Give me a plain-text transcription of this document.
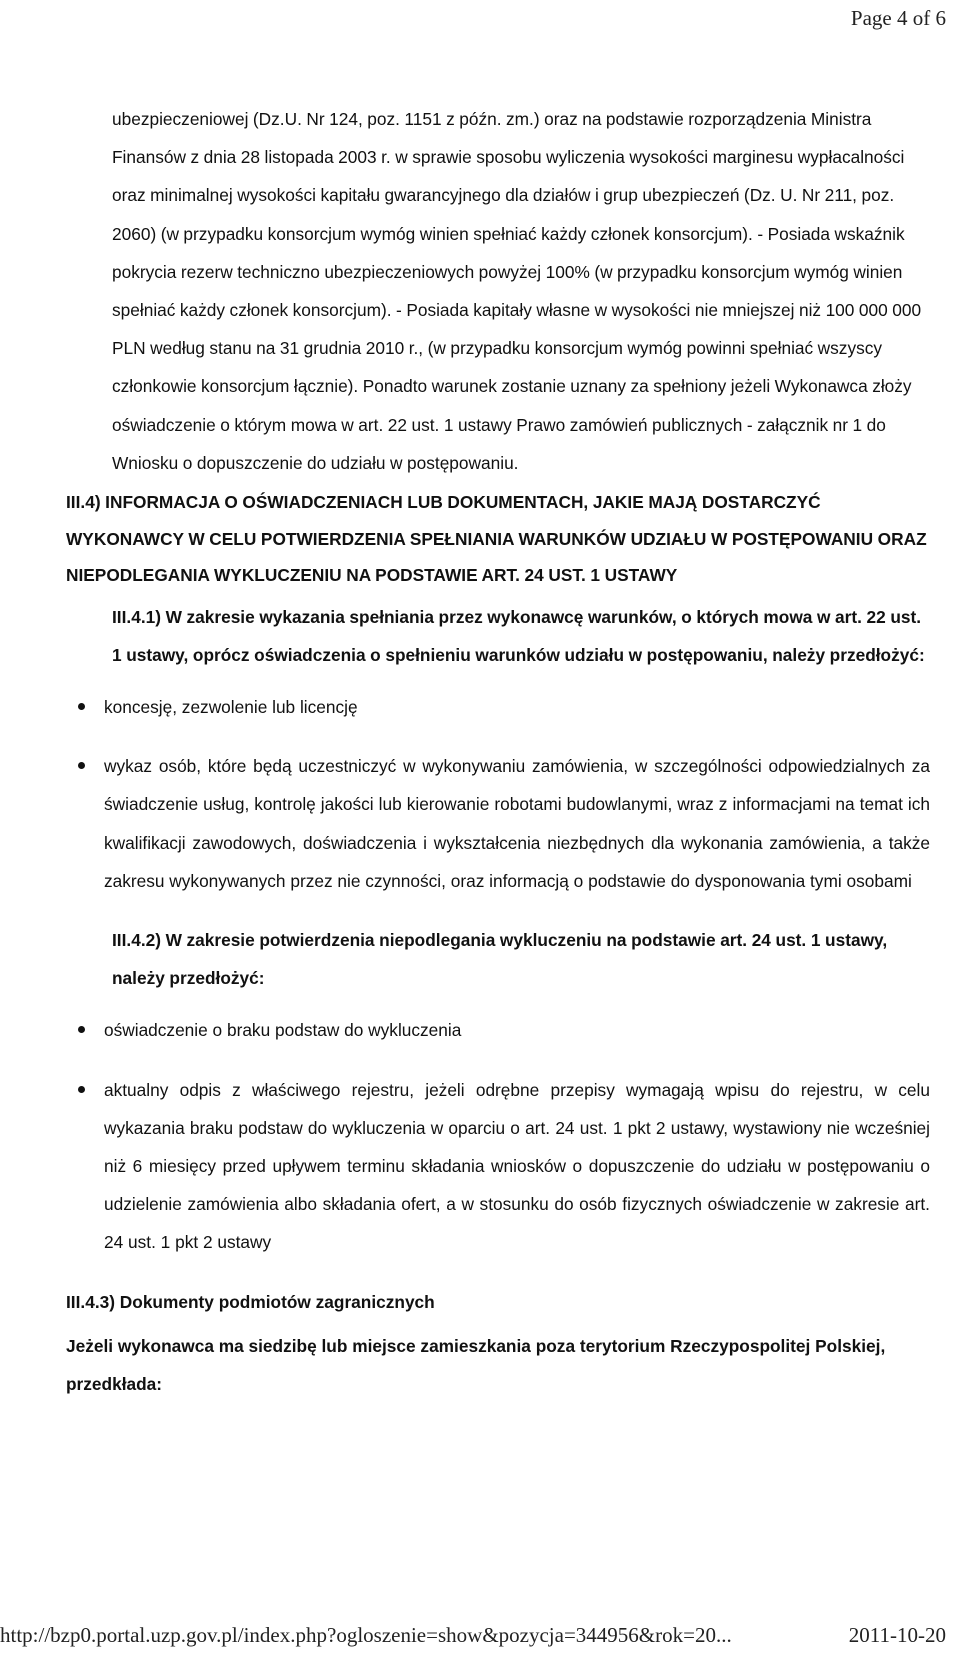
Page 4 of 6

ubezpieczeniowej (Dz.U. Nr 124, poz. 1151 z późn. zm.) oraz na podstawie rozporządzenia Ministra Finansów z dnia 28 listopada 2003 r. w sprawie sposobu wyliczenia wysokości marginesu wypłacalności oraz minimalnej wysokości kapitału gwarancyjnego dla działów i grup ubezpieczeń (Dz. U. Nr 211, poz. 2060) (w przypadku konsorcjum wymóg winien spełniać każdy członek konsorcjum). - Posiada wskaźnik pokrycia rezerw techniczno ubezpieczeniowych powyżej 100% (w przypadku konsorcjum wymóg winien spełniać każdy członek konsorcjum). - Posiada kapitały własne w wysokości nie mniejszej niż 100 000 000 PLN według stanu na 31 grudnia 2010 r., (w przypadku konsorcjum wymóg powinni spełniać wszyscy członkowie konsorcjum łącznie). Ponadto warunek zostanie uznany za spełniony jeżeli Wykonawca złoży oświadczenie o którym mowa w art. 22 ust. 1 ustawy Prawo zamówień publicznych - załącznik nr 1 do Wniosku o dopuszczenie do udziału w postępowaniu.

III.4) INFORMACJA O OŚWIADCZENIACH LUB DOKUMENTACH, JAKIE MAJĄ DOSTARCZYĆ WYKONAWCY W CELU POTWIERDZENIA SPEŁNIANIA WARUNKÓW UDZIAŁU W POSTĘPOWANIU ORAZ NIEPODLEGANIA WYKLUCZENIU NA PODSTAWIE ART. 24 UST. 1 USTAWY
III.4.1) W zakresie wykazania spełniania przez wykonawcę warunków, o których mowa w art. 22 ust. 1 ustawy, oprócz oświadczenia o spełnieniu warunków udziału w postępowaniu, należy przedłożyć:
koncesję, zezwolenie lub licencję
wykaz osób, które będą uczestniczyć w wykonywaniu zamówienia, w szczególności odpowiedzialnych za świadczenie usług, kontrolę jakości lub kierowanie robotami budowlanymi, wraz z informacjami na temat ich kwalifikacji zawodowych, doświadczenia i wykształcenia niezbędnych dla wykonania zamówienia, a także zakresu wykonywanych przez nie czynności, oraz informacją o podstawie do dysponowania tymi osobami
III.4.2) W zakresie potwierdzenia niepodlegania wykluczeniu na podstawie art. 24 ust. 1 ustawy, należy przedłożyć:
oświadczenie o braku podstaw do wykluczenia
aktualny odpis z właściwego rejestru, jeżeli odrębne przepisy wymagają wpisu do rejestru, w celu wykazania braku podstaw do wykluczenia w oparciu o art. 24 ust. 1 pkt 2 ustawy, wystawiony nie wcześniej niż 6 miesięcy przed upływem terminu składania wniosków o dopuszczenie do udziału w postępowaniu o udzielenie zamówienia albo składania ofert, a w stosunku do osób fizycznych oświadczenie w zakresie art. 24 ust. 1 pkt 2 ustawy
III.4.3) Dokumenty podmiotów zagranicznych
Jeżeli wykonawca ma siedzibę lub miejsce zamieszkania poza terytorium Rzeczypospolitej Polskiej, przedkłada:
http://bzp0.portal.uzp.gov.pl/index.php?ogloszenie=show&pozycja=344956&rok=20...	2011-10-20
